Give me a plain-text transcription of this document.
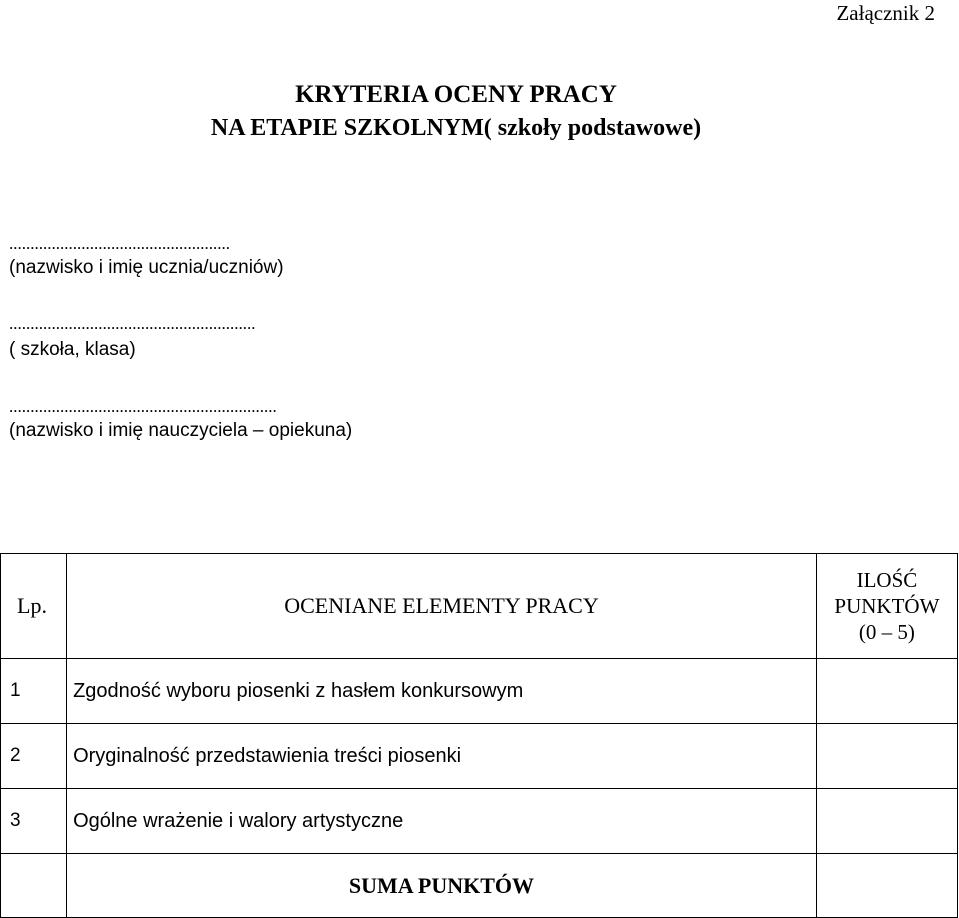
Załącznik 2
KRYTERIA OCENY PRACY
NA ETAPIE SZKOLNYM( szkoły podstawowe)
....................................................
(nazwisko i imię ucznia/uczniów)
..........................................................
( szkoła, klasa)
...............................................................
(nazwisko i imię nauczyciela – opiekuna)
Lp.	OCENIANE ELEMENTY PRACY	ILOŚĆ
PUNKTÓW
(0 – 5)

1	Zgodność wyboru piosenki z hasłem konkursowym	
2	Oryginalność przedstawienia treści piosenki	
3	Ogólne wrażenie i walory artystyczne	
	SUMA PUNKTÓW	
